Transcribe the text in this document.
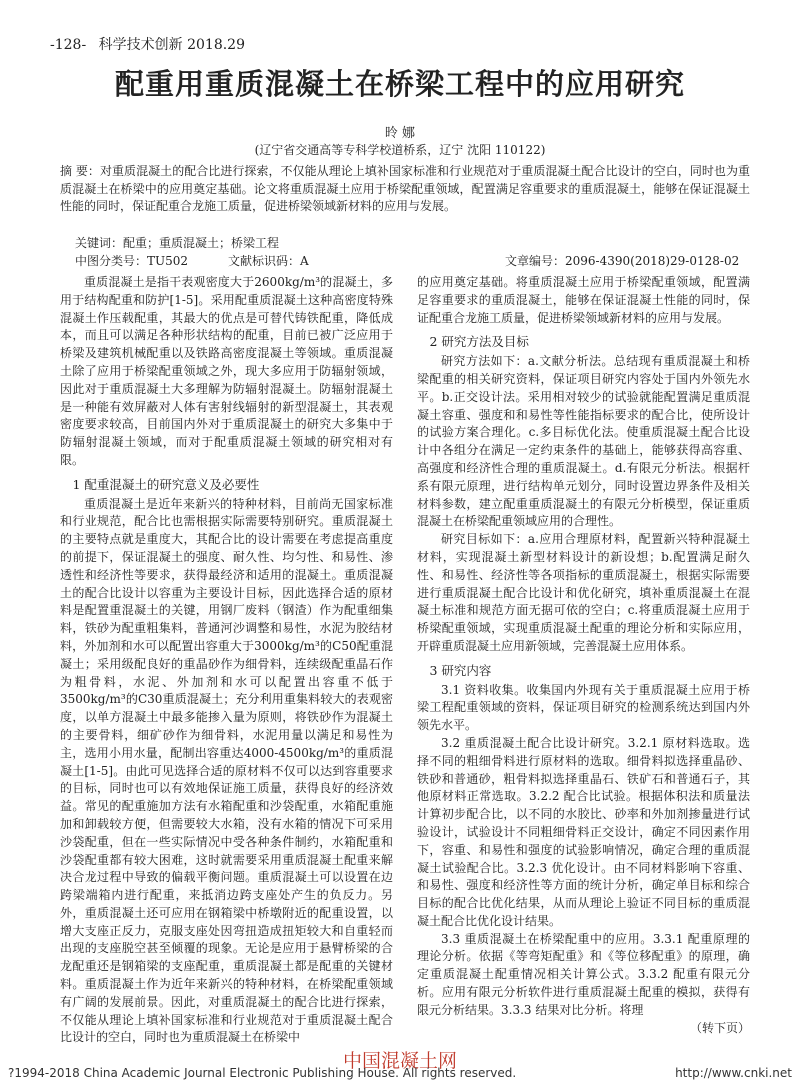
-128- 科学技术创新 2018.29
配重用重质混凝土在桥梁工程中的应用研究
昤 娜
(辽宁省交通高等专科学校道桥系，辽宁 沈阳 110122)
摘 要：对重质混凝土的配合比进行探索，不仅能从理论上填补国家标准和行业规范对于重质混凝土配合比设计的空白，同时也为重质混凝土在桥梁中的应用奠定基础。论文将重质混凝土应用于桥梁配重领域，配置满足容重要求的重质混凝土，能够在保证混凝土性能的同时，保证配重合龙施工质量，促进桥梁领域新材料的应用与发展。
关键词：配重；重质混凝土；桥梁工程
中图分类号：TU502	文献标识码：A	文章编号：2096-4390(2018)29-0128-02

重质混凝土是指干表观密度大于2600kg/m³的混凝土，多用于结构配重和防护[1-5]。采用配重质混凝土这种高密度特殊混凝土作压载配重，其最大的优点是可替代铸铁配重，降低成本，而且可以满足各种形状结构的配重，目前已被广泛应用于桥梁及建筑机械配重以及铁路高密度混凝土等领域。重质混凝土除了应用于桥梁配重领域之外，现大多应用于防辐射领域，因此对于重质混凝土大多理解为防辐射混凝土。防辐射混凝土是一种能有效屏蔽对人体有害射线辐射的新型混凝土，其表观密度要求较高，目前国内外对于重质混凝土的研究大多集中于防辐射混凝土领域，而对于配重质混凝土领域的研究相对有限。

1 配重混凝土的研究意义及必要性

重质混凝土是近年来新兴的特种材料，目前尚无国家标准和行业规范，配合比也需根据实际需要特别研究。重质混凝土的主要特点就是重度大，其配合比的设计需要在考虑提高重度的前提下，保证混凝土的强度、耐久性、均匀性、和易性、渗透性和经济性等要求，获得最经济和适用的混凝土。重质混凝土的配合比设计以容重为主要设计目标，因此选择合适的原材料是配置重混凝土的关键，用钢厂废料（钢渣）作为配重细集料，铁砂为配重粗集料，普通河沙调整和易性，水泥为胶结材料，外加剂和水可以配置出容重大于3000kg/m³的C50配重混凝土；采用级配良好的重晶砂作为细骨料，连续级配重晶石作为粗骨料，水泥、外加剂和水可以配置出容重不低于3500kg/m³的C30重质混凝土；充分利用重集料较大的表观密度，以单方混凝土中最多能掺入量为原则，将铁砂作为混凝土的主要骨料，细矿砂作为细骨料，水泥用量以满足和易性为主，选用小用水量，配制出容重达4000-4500kg/m³的重质混凝土[1-5]。由此可见选择合适的原材料不仅可以达到容重要求的目标，同时也可以有效地保证施工质量，获得良好的经济效益。常见的配重施加方法有水箱配重和沙袋配重，水箱配重施加和卸载较方便，但需要较大水箱，没有水箱的情况下可采用沙袋配重，但在一些实际情况中受各种条件制约，水箱配重和沙袋配重都有较大困难，这时就需要采用重质混凝土配重来解决合龙过程中导致的偏载平衡问题。重质混凝土可以设置在边跨梁端箱内进行配重，来抵消边跨支座处产生的负反力。另外，重质混凝土还可应用在钢箱梁中桥墩附近的配重设置，以增大支座正反力，克服支座处因弯扭造成扭矩较大和自重轻而出现的支座脱空甚至倾覆的现象。无论是应用于悬臂桥梁的合龙配重还是钢箱梁的支座配重，重质混凝土都是配重的关键材料。重质混凝土作为近年来新兴的特种材料，在桥梁配重领域有广阔的发展前景。因此，对重质混凝土的配合比进行探索，不仅能从理论上填补国家标准和行业规范对于重质混凝土配合比设计的空白，同时也为重质混凝土在桥梁中

的应用奠定基础。将重质混凝土应用于桥梁配重领域，配置满足容重要求的重质混凝土，能够在保证混凝土性能的同时，保证配重合龙施工质量，促进桥梁领域新材料的应用与发展。

2 研究方法及目标

研究方法如下：a.文献分析法。总结现有重质混凝土和桥梁配重的相关研究资料，保证项目研究内容处于国内外领先水平。b.正交设计法。采用相对较少的试验就能配置满足重质混凝土容重、强度和和易性等性能指标要求的配合比，使所设计的试验方案合理化。c.多目标优化法。使重质混凝土配合比设计中各组分在满足一定约束条件的基础上，能够获得高容重、高强度和经济性合理的重质混凝土。d.有限元分析法。根据杆系有限元原理，进行结构单元划分，同时设置边界条件及相关材料参数，建立配重重质混凝土的有限元分析模型，保证重质混凝土在桥梁配重领域应用的合理性。

研究目标如下：a.应用合理原材料，配置新兴特种混凝土材料，实现混凝土新型材料设计的新设想；b.配置满足耐久性、和易性、经济性等各项指标的重质混凝土，根据实际需要进行重质混凝土配合比设计和优化研究，填补重质混凝土在混凝土标准和规范方面无据可依的空白；c.将重质混凝土应用于桥梁配重领域，实现重质混凝土配重的理论分析和实际应用，开辟重质混凝土应用新领域，完善混凝土应用体系。

3 研究内容

3.1 资料收集。收集国内外现有关于重质混凝土应用于桥梁工程配重领域的资料，保证项目研究的检测系统达到国内外领先水平。

3.2 重质混凝土配合比设计研究。3.2.1 原材料选取。选择不同的粗细骨料进行原材料的选取。细骨料拟选择重晶砂、铁砂和普通砂，粗骨料拟选择重晶石、铁矿石和普通石子，其他原材料正常选取。3.2.2 配合比试验。根据体积法和质量法计算初步配合比，以不同的水胶比、砂率和外加剂掺量进行试验设计，试验设计不同粗细骨料正交设计，确定不同因素作用下，容重、和易性和强度的试验影响情况，确定合理的重质混凝土试验配合比。3.2.3 优化设计。由不同材料影响下容重、和易性、强度和经济性等方面的统计分析，确定单目标和综合目标的配合比优化结果，从而从理论上验证不同目标的重质混凝土配合比优化设计结果。

3.3 重质混凝土在桥梁配重中的应用。3.3.1 配重原理的理论分析。依据《等弯矩配重》和《等位移配重》的原理，确定重质混凝土配重情况相关计算公式。3.3.2 配重有限元分析。应用有限元分析软件进行重质混凝土配重的模拟，获得有限元分析结果。3.3.3 结果对比分析。将理

（转下页）

中国混凝土网
?1994-2018 China Academic Journal Electronic Publishing House. All rights reserved.	http://www.cnki.net
